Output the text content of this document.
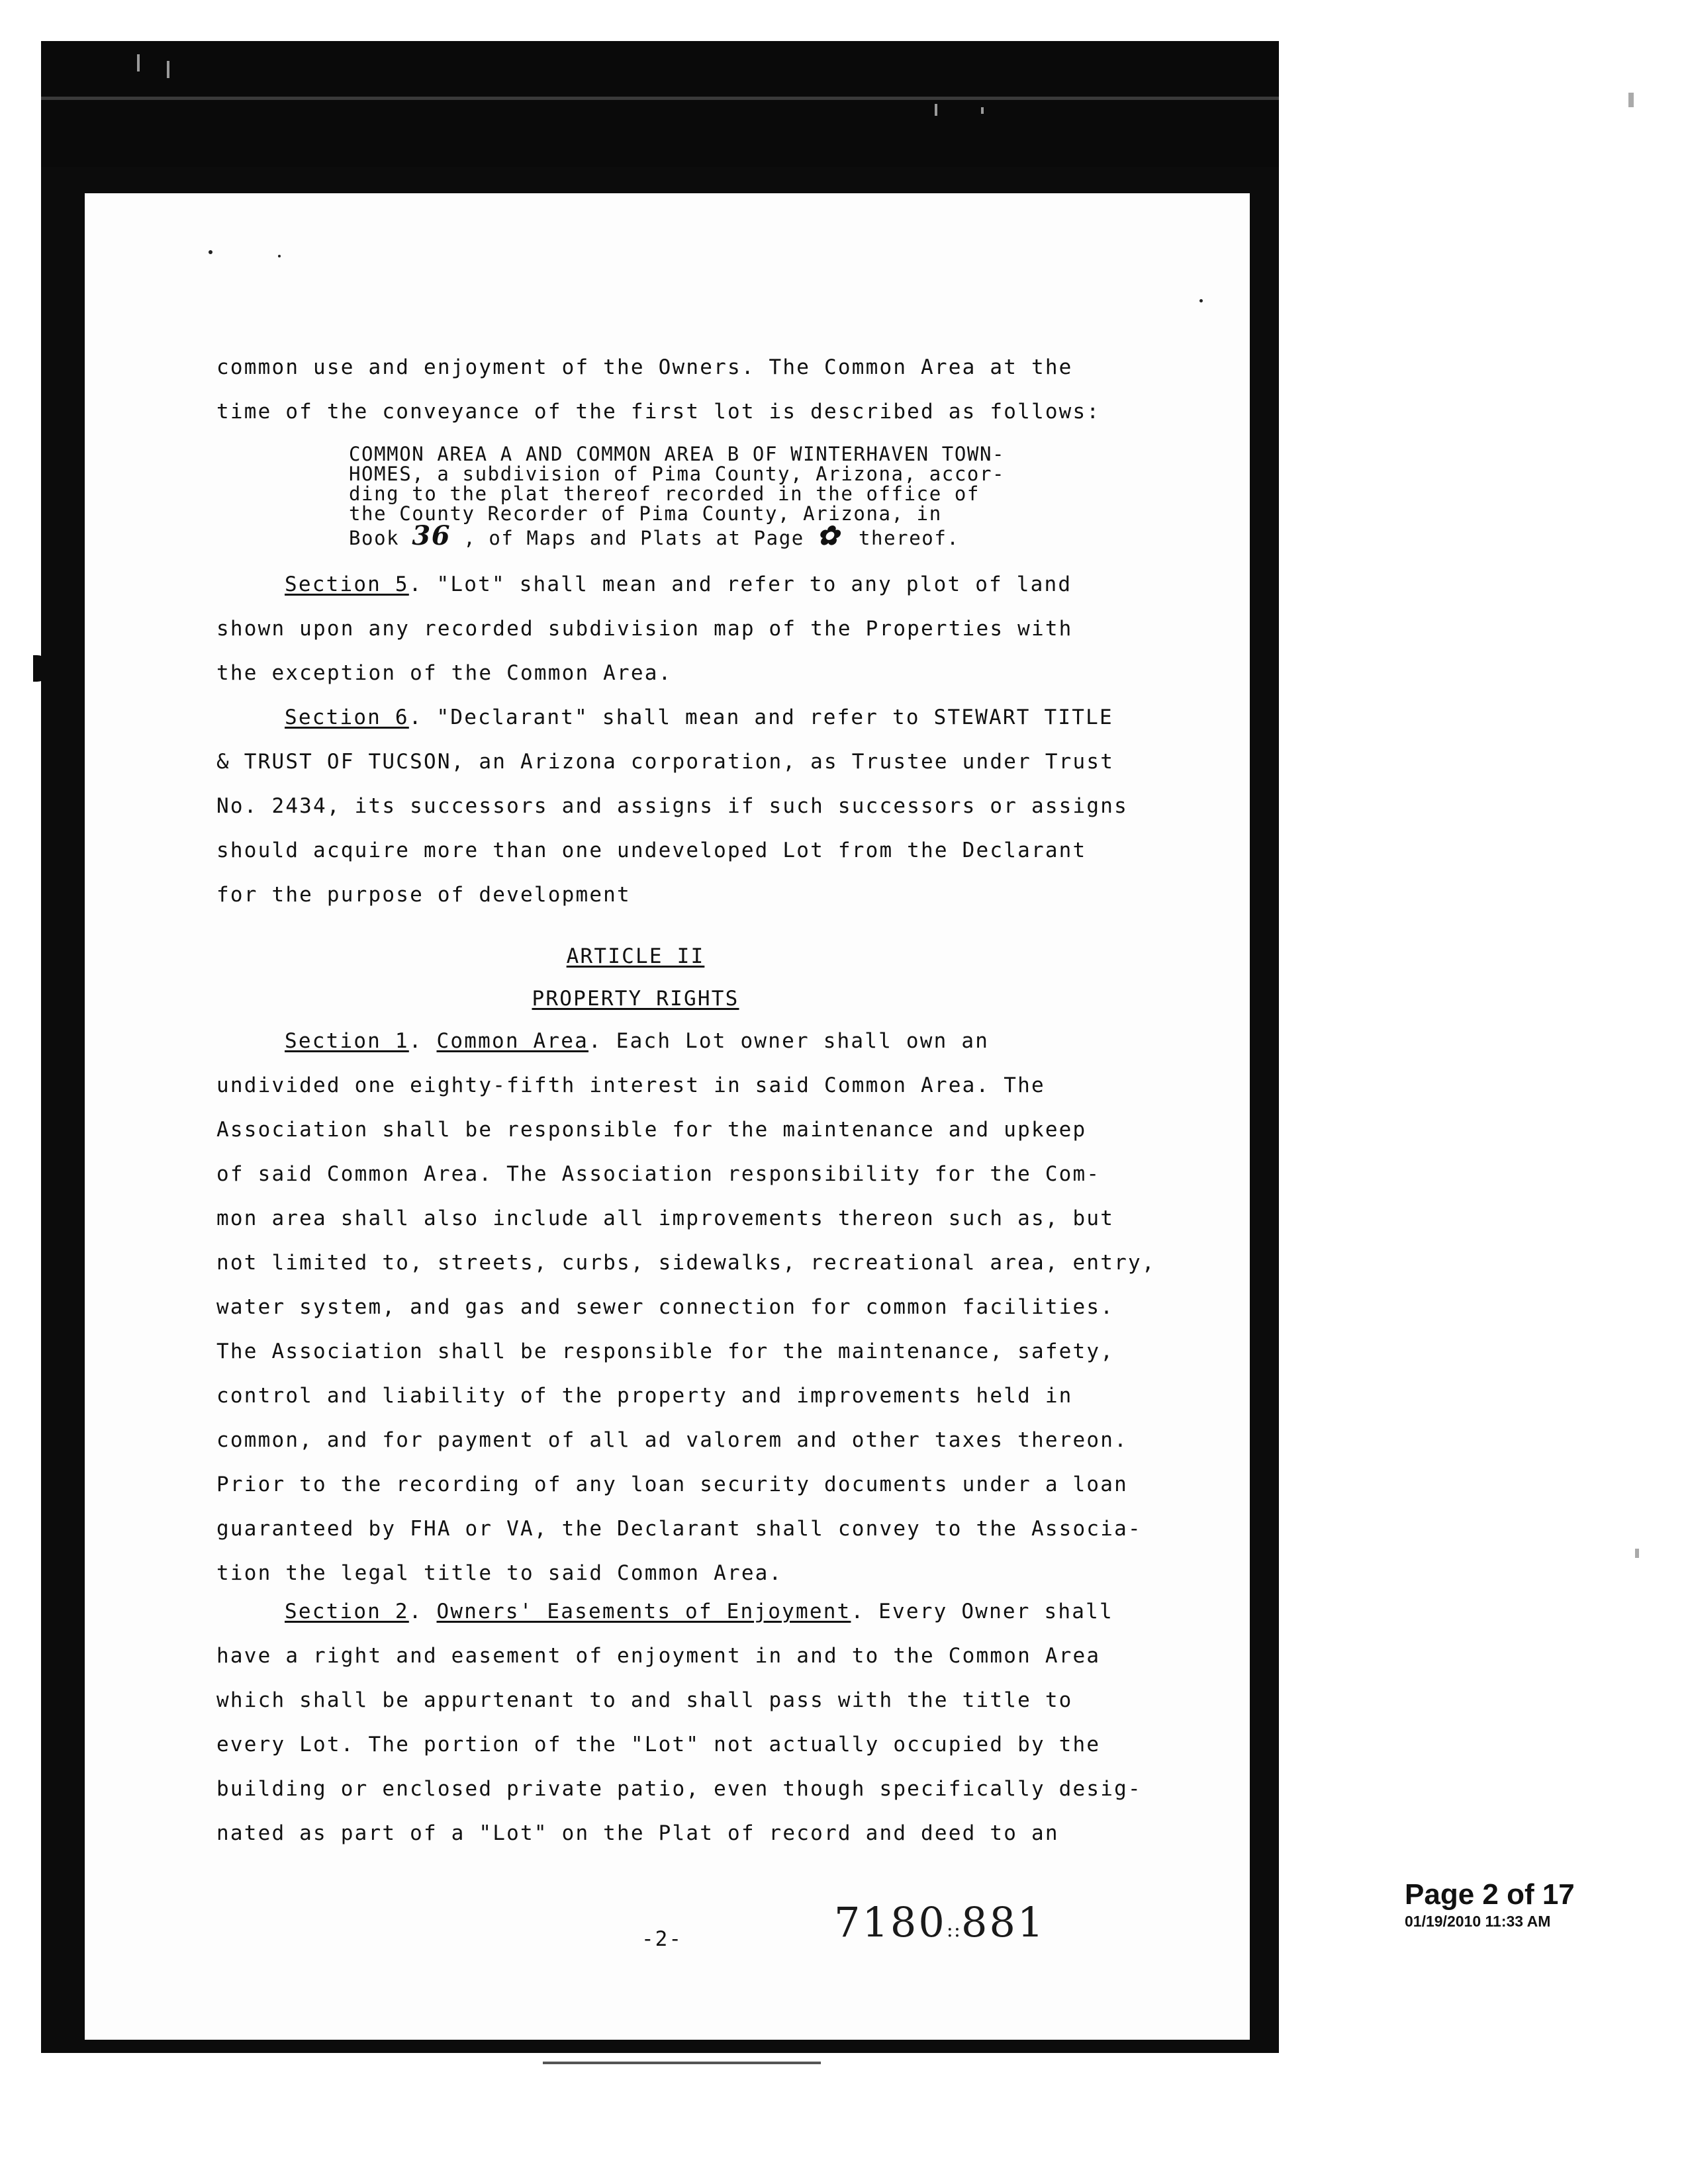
common use and enjoyment of the Owners. The Common Area at the
time of the conveyance of the first lot is described as follows:
COMMON AREA A AND COMMON AREA B OF WINTERHAVEN TOWN-
HOMES, a subdivision of Pima County, Arizona, accor-
ding to the plat thereof recorded in the office of
the County Recorder of Pima County, Arizona, in
Book 36 , of Maps and Plats at Page ✿ thereof.
Section 5. "Lot" shall mean and refer to any plot of land
shown upon any recorded subdivision map of the Properties with
the exception of the Common Area.
Section 6. "Declarant" shall mean and refer to STEWART TITLE
& TRUST OF TUCSON, an Arizona corporation, as Trustee under Trust
No. 2434, its successors and assigns if such successors or assigns
should acquire more than one undeveloped Lot from the Declarant
for the purpose of development
ARTICLE II
PROPERTY RIGHTS
Section 1. Common Area. Each Lot owner shall own an
undivided one eighty-fifth interest in said Common Area. The
Association shall be responsible for the maintenance and upkeep
of said Common Area. The Association responsibility for the Com-
mon area shall also include all improvements thereon such as, but
not limited to, streets, curbs, sidewalks, recreational area, entry,
water system, and gas and sewer connection for common facilities.
The Association shall be responsible for the maintenance, safety,
control and liability of the property and improvements held in
common, and for payment of all ad valorem and other taxes thereon.
Prior to the recording of any loan security documents under a loan
guaranteed by FHA or VA, the Declarant shall convey to the Associa-
tion the legal title to said Common Area.
Section 2. Owners' Easements of Enjoyment. Every Owner shall
have a right and easement of enjoyment in and to the Common Area
which shall be appurtenant to and shall pass with the title to
every Lot. The portion of the "Lot" not actually occupied by the
building or enclosed private patio, even though specifically desig-
nated as part of a "Lot" on the Plat of record and deed to an
-2-	7180::881
Page 2 of 17
01/19/2010 11:33 AM
